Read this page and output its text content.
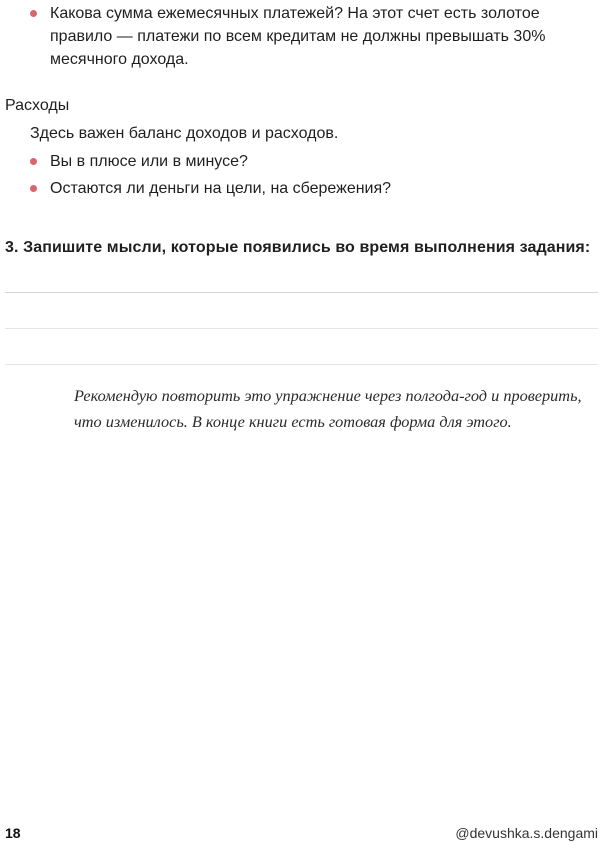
Какова сумма ежемесячных платежей? На этот счет есть золотое правило — платежи по всем кредитам не должны превышать 30% месячного дохода.
Расходы

Здесь важен баланс доходов и расходов.

Вы в плюсе или в минусе?
Остаются ли деньги на цели, на сбережения?
3. Запишите мысли, которые появились во время выполнения задания:

Рекомендую повторить это упражнение через полгода-год и проверить, что изменилось. В конце книги есть готовая форма для этого.

18	@devushka.s.dengami
